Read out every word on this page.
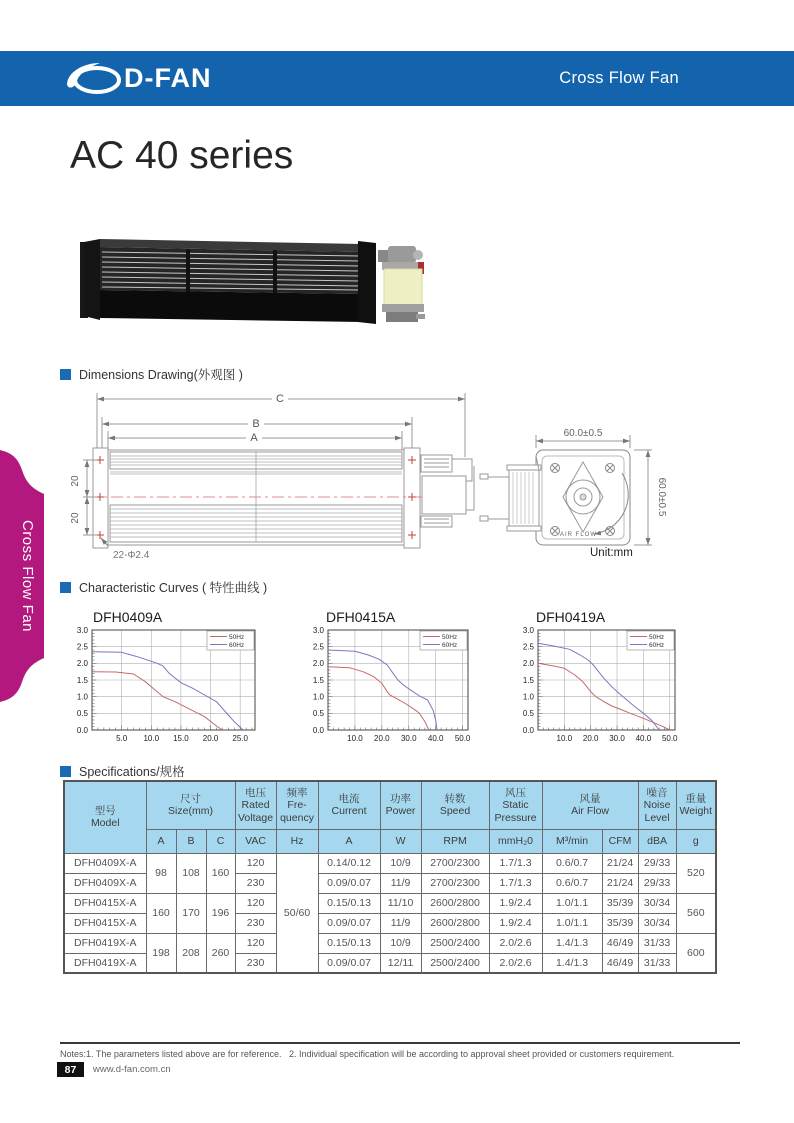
D-FAN	Cross Flow Fan
AC 40 series
Cross Flow Fan
Dimensions Drawing(外观图 )
C
B
A
20
20
22-Φ2.4
60.0±0.5
60.0±0.5
AIR FLOW
Unit:mm
Characteristic Curves ( 特性曲线 )
DFH0409A
0.0
0.5
1.0
1.5
2.0
2.5
3.0
5.0 10.0 15.0 20.0 25.0
50Hz
60Hz
DFH0415A
0.0
0.5
1.0
1.5
2.0
2.5
3.0
10.0 20.0 30.0 40.0 50.0
50Hz
60Hz
DFH0419A
0.0
0.5
1.0
1.5
2.0
2.5
3.0
10.0 20.0 30.0 40.0 50.0
50Hz
60Hz
Specifications/规格
型号
Model	尺寸
Size(mm)			电压
Rated
Voltage	频率
Fre-
quency	电流
Current	功率
Power	转数
Speed	风压
Static
Pressure	风量
Air Flow		噪音
Noise
Level	重量
Weight
	A	B	C	VAC	Hz	A	W	RPM	mmH₂0	M³/min	CFM	dBA	g
DFH0409X-A	98	108	160	120	50/60	0.14/0.12	10/9	2700/2300	1.7/1.3	0.6/0.7	21/24	29/33	520
DFH0409X-A				230		0.09/0.07	11/9	2700/2300	1.7/1.3	0.6/0.7	21/24	29/33	
DFH0415X-A	160	170	196	120		0.15/0.13	11/10	2600/2800	1.9/2.4	1.0/1.1	35/39	30/34	560
DFH0415X-A				230		0.09/0.07	11/9	2600/2800	1.9/2.4	1.0/1.1	35/39	30/34	
DFH0419X-A	198	208	260	120		0.15/0.13	10/9	2500/2400	2.0/2.6	1.4/1.3	46/49	31/33	600
DFH0419X-A				230		0.09/0.07	12/11	2500/2400	2.0/2.6	1.4/1.3	46/49	31/33	
Notes:1. The parameters listed above are for reference.   2. Individual specification will be according to approval sheet provided or customers requirement.
87	www.d-fan.com.cn
